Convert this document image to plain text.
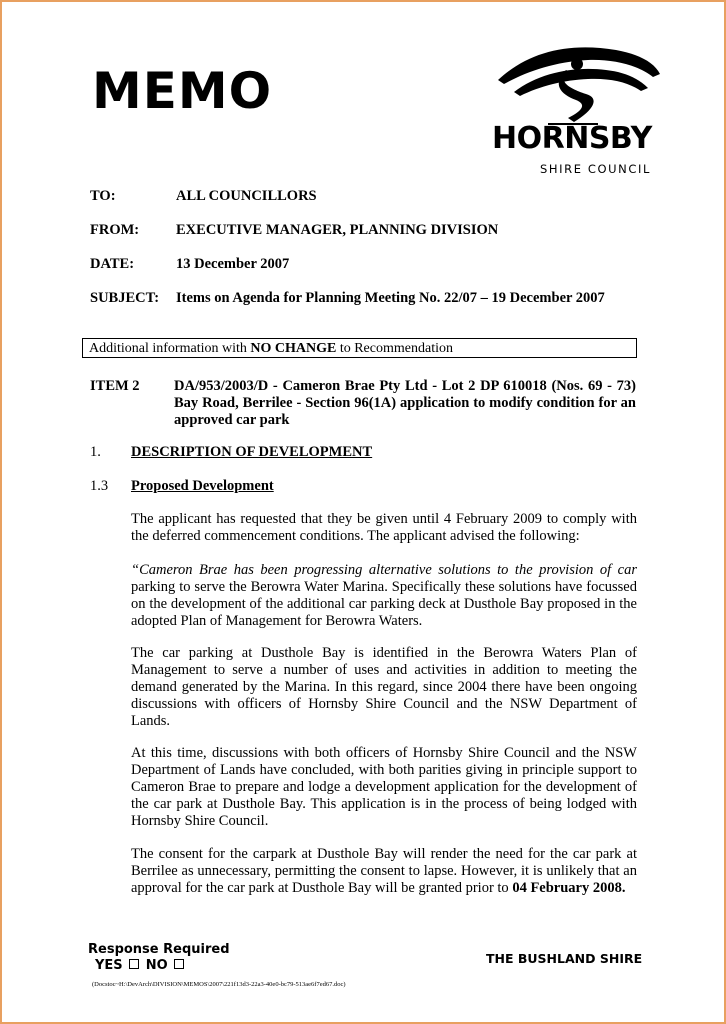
MEMO
HORNSBY
SHIRE COUNCIL
TO:	ALL COUNCILLORS
FROM:	EXECUTIVE MANAGER, PLANNING DIVISION
DATE:	13 December 2007
SUBJECT: Items on Agenda for Planning Meeting No. 22/07 – 19 December 2007
Additional information with NO CHANGE to Recommendation
ITEM 2 DA/953/2003/D - Cameron Brae Pty Ltd - Lot 2 DP 610018 (Nos. 69 - 73) Bay Road, Berrilee - Section 96(1A) application to modify condition for an approved car park
1. DESCRIPTION OF DEVELOPMENT
1.3 Proposed Development

The applicant has requested that they be given until 4 February 2009 to comply with the deferred commencement conditions. The applicant advised the following:

“Cameron Brae has been progressing alternative solutions to the provision of car parking to serve the Berowra Water Marina. Specifically these solutions have focussed on the development of the additional car parking deck at Dusthole Bay proposed in the adopted Plan of Management for Berowra Waters.

The car parking at Dusthole Bay is identified in the Berowra Waters Plan of Management to serve a number of uses and activities in addition to meeting the demand generated by the Marina. In this regard, since 2004 there have been ongoing discussions with officers of Hornsby Shire Council and the NSW Department of Lands.

At this time, discussions with both officers of Hornsby Shire Council and the NSW Department of Lands have concluded, with both parities giving in principle support to Cameron Brae to prepare and lodge a development application for the development of the car park at Dusthole Bay. This application is in the process of being lodged with Hornsby Shire Council.

The consent for the carpark at Dusthole Bay will render the need for the car park at Berrilee as unnecessary, permitting the consent to lapse. However, it is unlikely that an approval for the car park at Dusthole Bay will be granted prior to 04 February 2008.

Response Required
YES NO	THE BUSHLAND SHIRE
(Docstoc~H:\DevArch\DIVISION\MEMOS\2007\221f13d3-22a3-40e0-bc79-513ae6f7ed67.doc)
